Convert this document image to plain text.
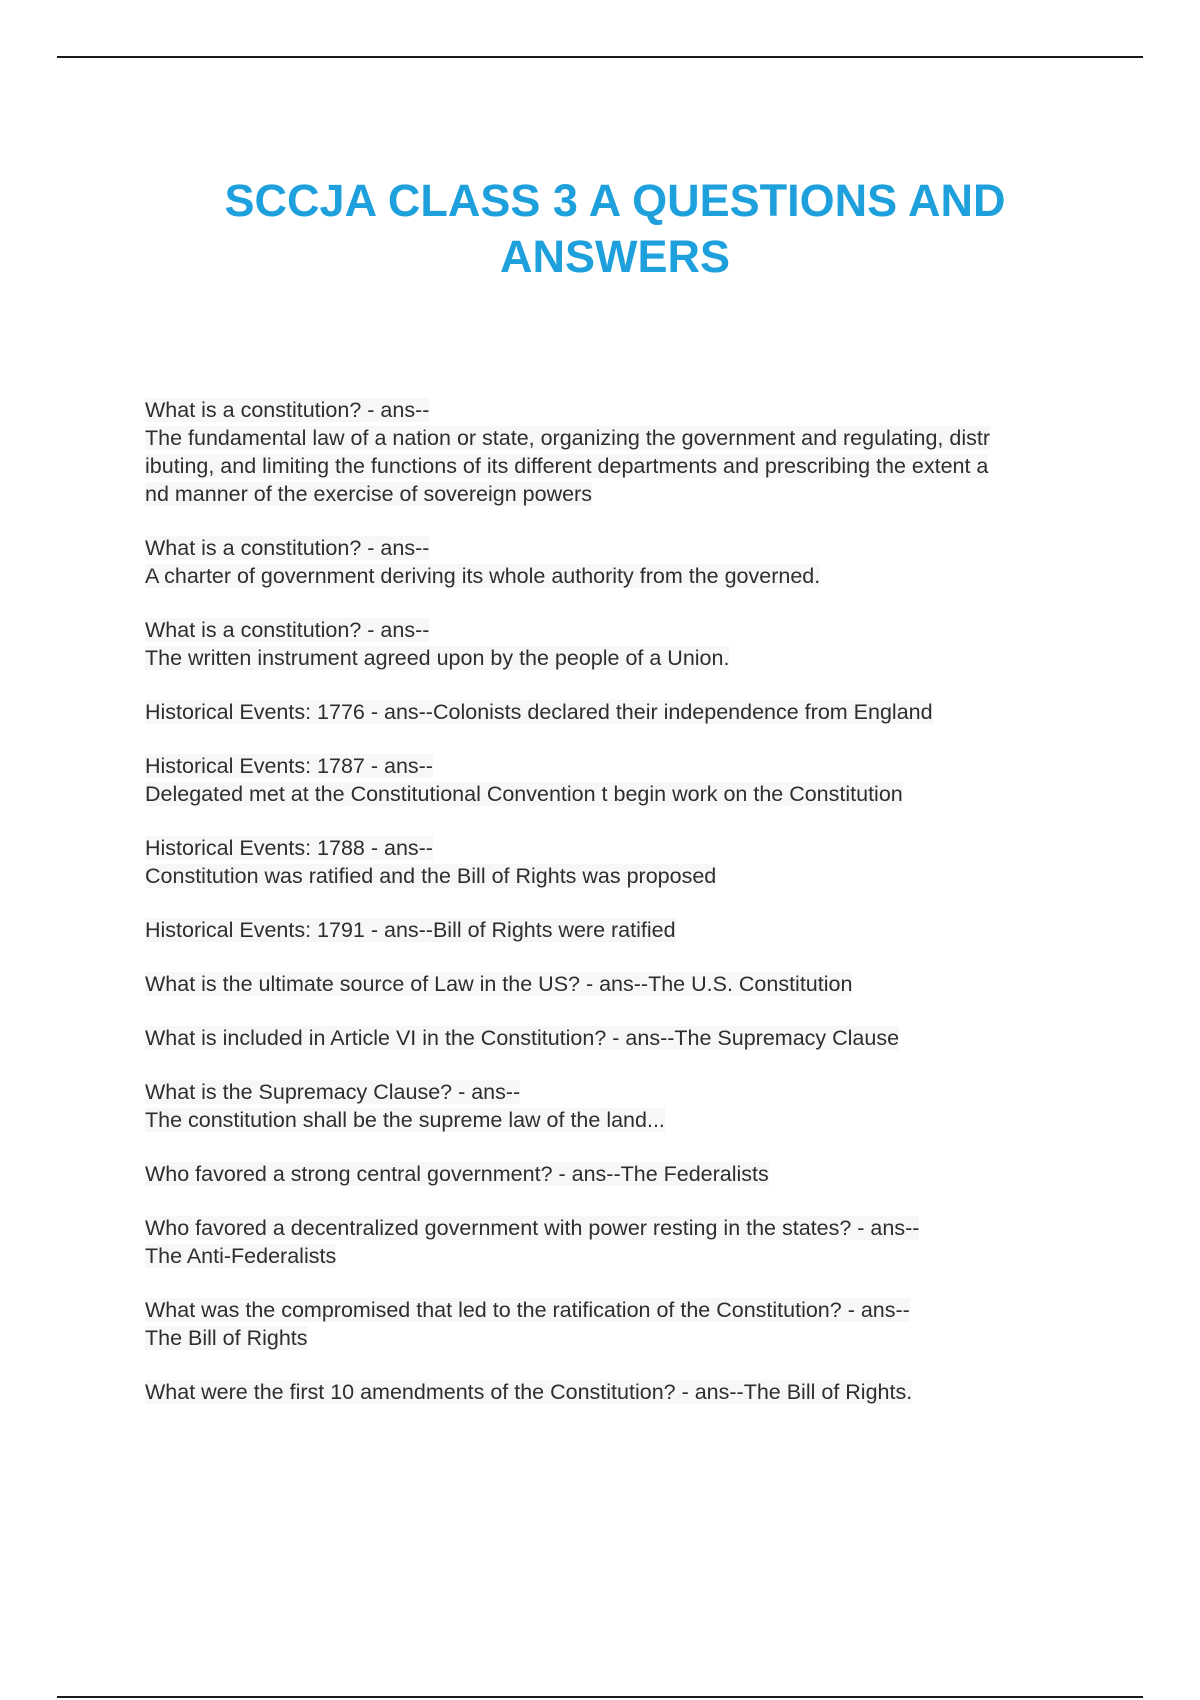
SCCJA CLASS 3 A QUESTIONS AND
ANSWERS
What is a constitution? - ans--
The fundamental law of a nation or state, organizing the government and regulating, distr
ibuting, and limiting the functions of its different departments and prescribing the extent a
nd manner of the exercise of sovereign powers
What is a constitution? - ans--
A charter of government deriving its whole authority from the governed.
What is a constitution? - ans--
The written instrument agreed upon by the people of a Union.
Historical Events: 1776 - ans--Colonists declared their independence from England
Historical Events: 1787 - ans--
Delegated met at the Constitutional Convention t begin work on the Constitution
Historical Events: 1788 - ans--
Constitution was ratified and the Bill of Rights was proposed
Historical Events: 1791 - ans--Bill of Rights were ratified
What is the ultimate source of Law in the US? - ans--The U.S. Constitution
What is included in Article VI in the Constitution? - ans--The Supremacy Clause
What is the Supremacy Clause? - ans--
The constitution shall be the supreme law of the land...
Who favored a strong central government? - ans--The Federalists
Who favored a decentralized government with power resting in the states? - ans--
The Anti-Federalists
What was the compromised that led to the ratification of the Constitution? - ans--
The Bill of Rights
What were the first 10 amendments of the Constitution? - ans--The Bill of Rights.
